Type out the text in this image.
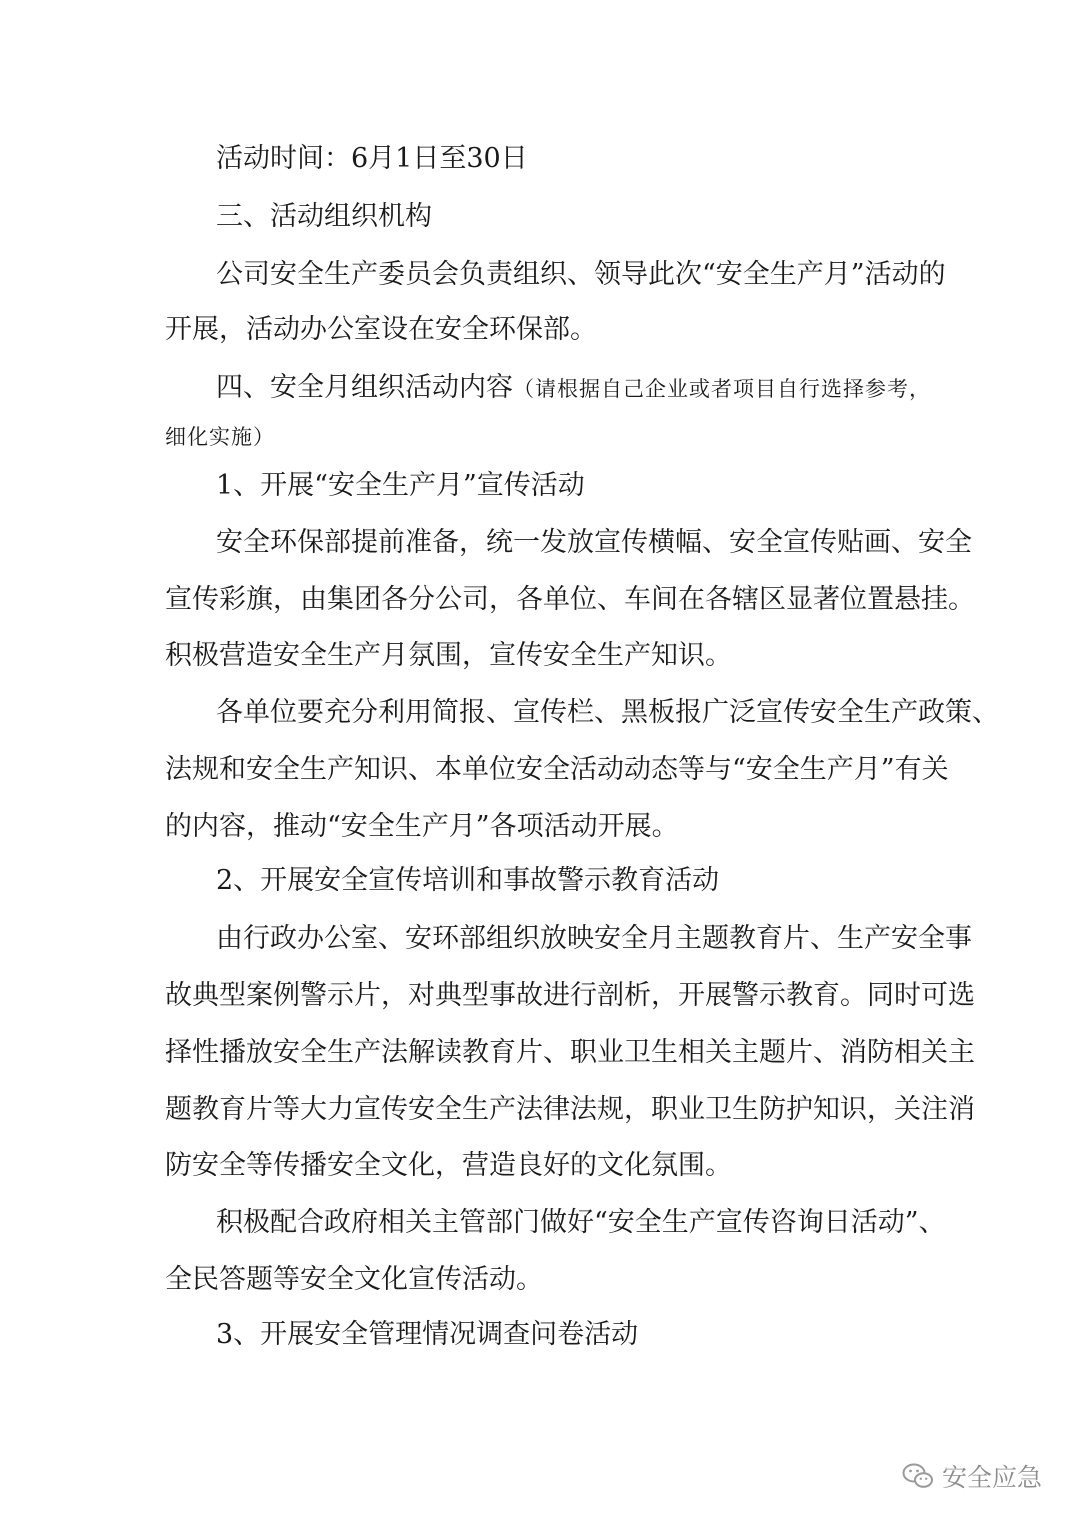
活动时间：6月1日至30日
三、活动组织机构
公司安全生产委员会负责组织、领导此次“安全生产月”活动的
开展，活动办公室设在安全环保部。
四、安全月组织活动内容（请根据自己企业或者项目自行选择参考，
细化实施）
1、开展“安全生产月”宣传活动
安全环保部提前准备，统一发放宣传横幅、安全宣传贴画、安全
宣传彩旗，由集团各分公司，各单位、车间在各辖区显著位置悬挂。
积极营造安全生产月氛围，宣传安全生产知识。
各单位要充分利用简报、宣传栏、黑板报广泛宣传安全生产政策、
法规和安全生产知识、本单位安全活动动态等与“安全生产月”有关
的内容，推动“安全生产月”各项活动开展。
2、开展安全宣传培训和事故警示教育活动
由行政办公室、安环部组织放映安全月主题教育片、生产安全事
故典型案例警示片，对典型事故进行剖析，开展警示教育。同时可选
择性播放安全生产法解读教育片、职业卫生相关主题片、消防相关主
题教育片等大力宣传安全生产法律法规，职业卫生防护知识，关注消
防安全等传播安全文化，营造良好的文化氛围。
积极配合政府相关主管部门做好“安全生产宣传咨询日活动”、
全民答题等安全文化宣传活动。
3、开展安全管理情况调查问卷活动
安全应急
